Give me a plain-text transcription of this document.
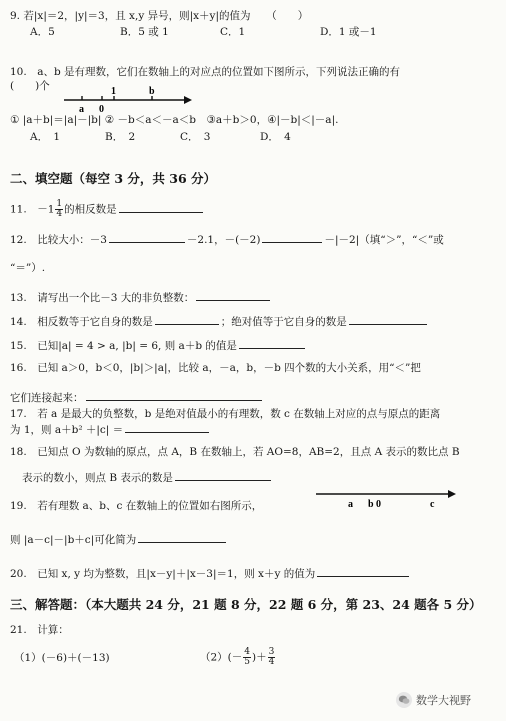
9. 若|x|＝2，|y|＝3，且 x,y 异号，则|x＋y|的值为　　（　　）
A．5	B．5 或 1	C．1	D．1 或－1
10.　a、b 是有理数，它们在数轴上的对应点的位置如下图所示，下列说法正确的有
(　　)个
a 0
1	b
① |a＋b|＝|a|－|b| ② －b＜a＜－a＜b　③a＋b＞0，④|－b|＜|－a|.
A．　1	B．　2	C．　3	D．　4
二、填空题（每空 3 分，共 36 分）
11.　$-1 \frac{1}{4}$ 的相反数是
12.　比较大小：－3	－2.1，－(－2)	－|－2|（填“＞”，“＜”或
“＝”）.
13.　请写出一个比－3 大的非负整数：
14.　相反数等于它自身的数是	；绝对值等于它自身的数是
15.　已知|a| = 4 > a, |b| = 6, 则 a＋b 的值是
16.　已知 a＞0，b＜0，|b|＞|a|，比较 a，－a，b，－b 四个数的大小关系，用“＜”把
它们连接起来：
17.　若 a 是最大的负整数，b 是绝对值最小的有理数，数 c 在数轴上对应的点与原点的距离
为 1，则 a＋b² ＋|c| ＝
18.　已知点 O 为数轴的原点，点 A，B 在数轴上，若 AO=8，AB=2，且点 A 表示的数比点 B
表示的数小，则点 B 表示的数是
19.　若有理数 a、b、c 在数轴上的位置如右图所示，	a b 0	c
则 |a－c|－|b＋c|可化简为
20.　已知 x, y 均为整数，且|x－y|＋|x－3|＝1，则 x＋y 的值为
三、解答题：（本大题共 24 分，21 题 8 分，22 题 6 分，第 23、24 题各 5 分）
21.　计算：
（1）(－6)＋(－13)	$(2)(- \frac{4}{5}$ )＋ $\frac{3}{4}$
数学大视野
